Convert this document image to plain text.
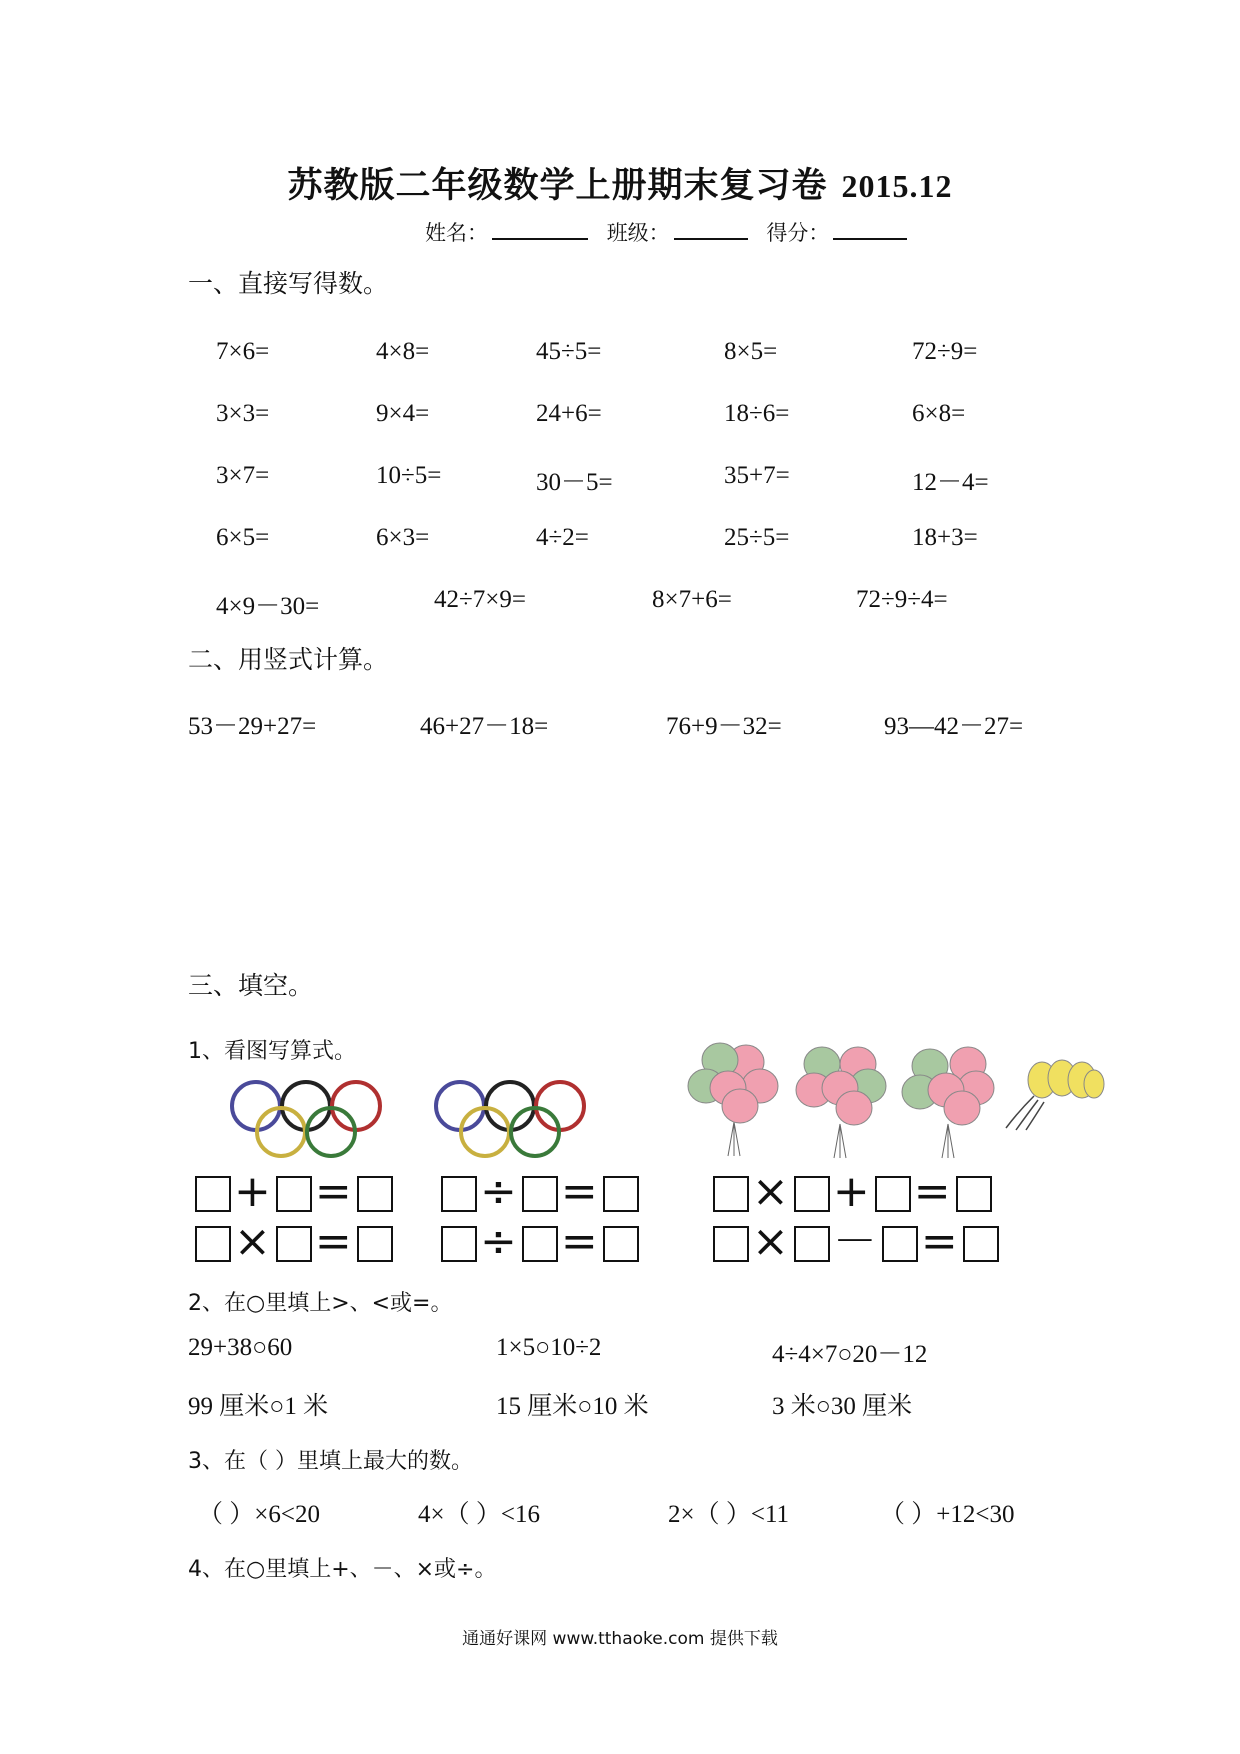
苏教版二年级数学上册期末复习卷 2015.12
姓名：	班级：	得分：
一、直接写得数。
7×6=	4×8=	45÷5=	8×5=	72÷9=
3×3=	9×4=	24+6=	18÷6=	6×8=
3×7=	10÷5=	30－5=	35+7=	12－4=
6×5=	6×3=	4÷2=	25÷5=	18+3=
4×9－30=	42÷7×9=	8×7+6=	72÷9÷4=
二、用竖式计算。
53－29+27=	46+27－18=	76+9－32=	93—42－27=
三、填空。
1、看图写算式。
+ =	÷ =	× + =
× =	÷ =	× － =
2、在○里填上>、<或=。
29+38○60	1×5○10÷2	4÷4×7○20－12
99 厘米○1 米	15 厘米○10 米	3 米○30 厘米
3、在（ ）里填上最大的数。
（ ）×6<20	4×（ ）<16	2×（ ）<11	（ ）+12<30
4、在○里填上+、－、×或÷。
通通好课网 www.tthaoke.com 提供下载
